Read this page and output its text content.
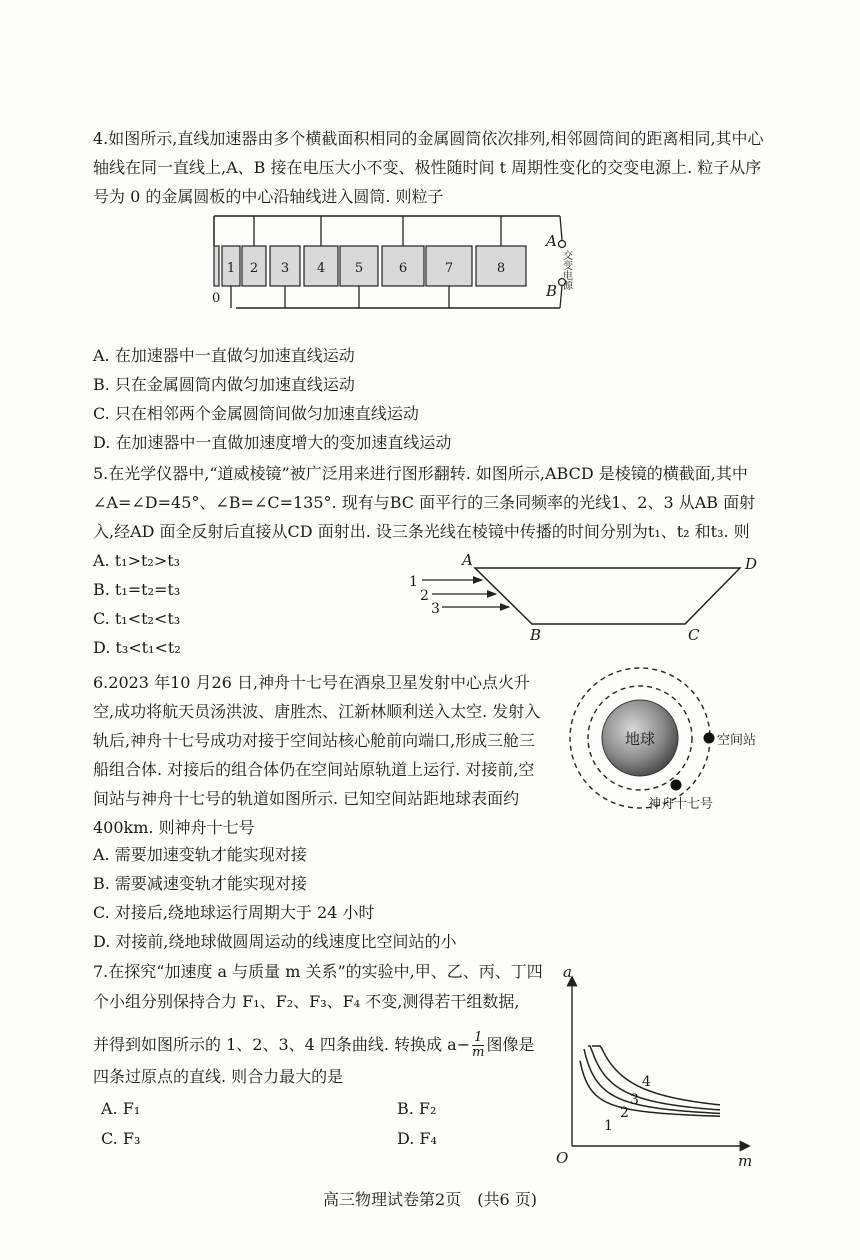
4.如图所示,直线加速器由多个横截面积相同的金属圆筒依次排列,相邻圆筒间的距离相同,其中心轴线在同一直线上,A、B 接在电压大小不变、极性随时间 t 周期性变化的交变电源上. 粒子从序号为 0 的金属圆板的中心沿轴线进入圆筒. 则粒子
0
1 2 3 4 5	6	7	8
A
B
交变电源
A. 在加速器中一直做匀加速直线运动
B. 只在金属圆筒内做匀加速直线运动
C. 只在相邻两个金属圆筒间做匀加速直线运动
D. 在加速器中一直做加速度增大的变加速直线运动
5.在光学仪器中,“道威棱镜”被广泛用来进行图形翻转. 如图所示,ABCD 是棱镜的横截面,其中∠A=∠D=45°、∠B=∠C=135°. 现有与BC 面平行的三条同频率的光线1、2、3 从AB 面射入,经AD 面全反射后直接从CD 面射出. 设三条光线在棱镜中传播的时间分别为t₁、t₂ 和t₃. 则
A. t₁>t₂>t₃
B. t₁=t₂=t₃
C. t₁<t₂<t₃
D. t₃<t₁<t₂
A
B	C
D
1
2
3
6.2023 年10 月26 日,神舟十七号在酒泉卫星发射中心点火升空,成功将航天员汤洪波、唐胜杰、江新林顺利送入太空. 发射入轨后,神舟十七号成功对接于空间站核心舱前向端口,形成三舱三船组合体. 对接后的组合体仍在空间站原轨道上运行. 对接前,空间站与神舟十七号的轨道如图所示. 已知空间站距地球表面约400km. 则神舟十七号
地球	空间站
神舟十七号
A. 需要加速变轨才能实现对接
B. 需要减速变轨才能实现对接
C. 对接后,绕地球运行周期大于 24 小时
D. 对接前,绕地球做圆周运动的线速度比空间站的小
7.在探究“加速度 a 与质量 m 关系”的实验中,甲、乙、丙、丁四
个小组分别保持合力 F₁、F₂、F₃、F₄ 不变,测得若干组数据,
并得到如图所示的 1、2、3、4 四条曲线. 转换成 $a- \frac{1}{m}$ 图像是
四条过原点的直线. 则合力最大的是
A. F₁	B. F₂
C. F₃	D. F₄
a
m
O
1
2
3
4
高三物理试卷第2页　(共6 页)
